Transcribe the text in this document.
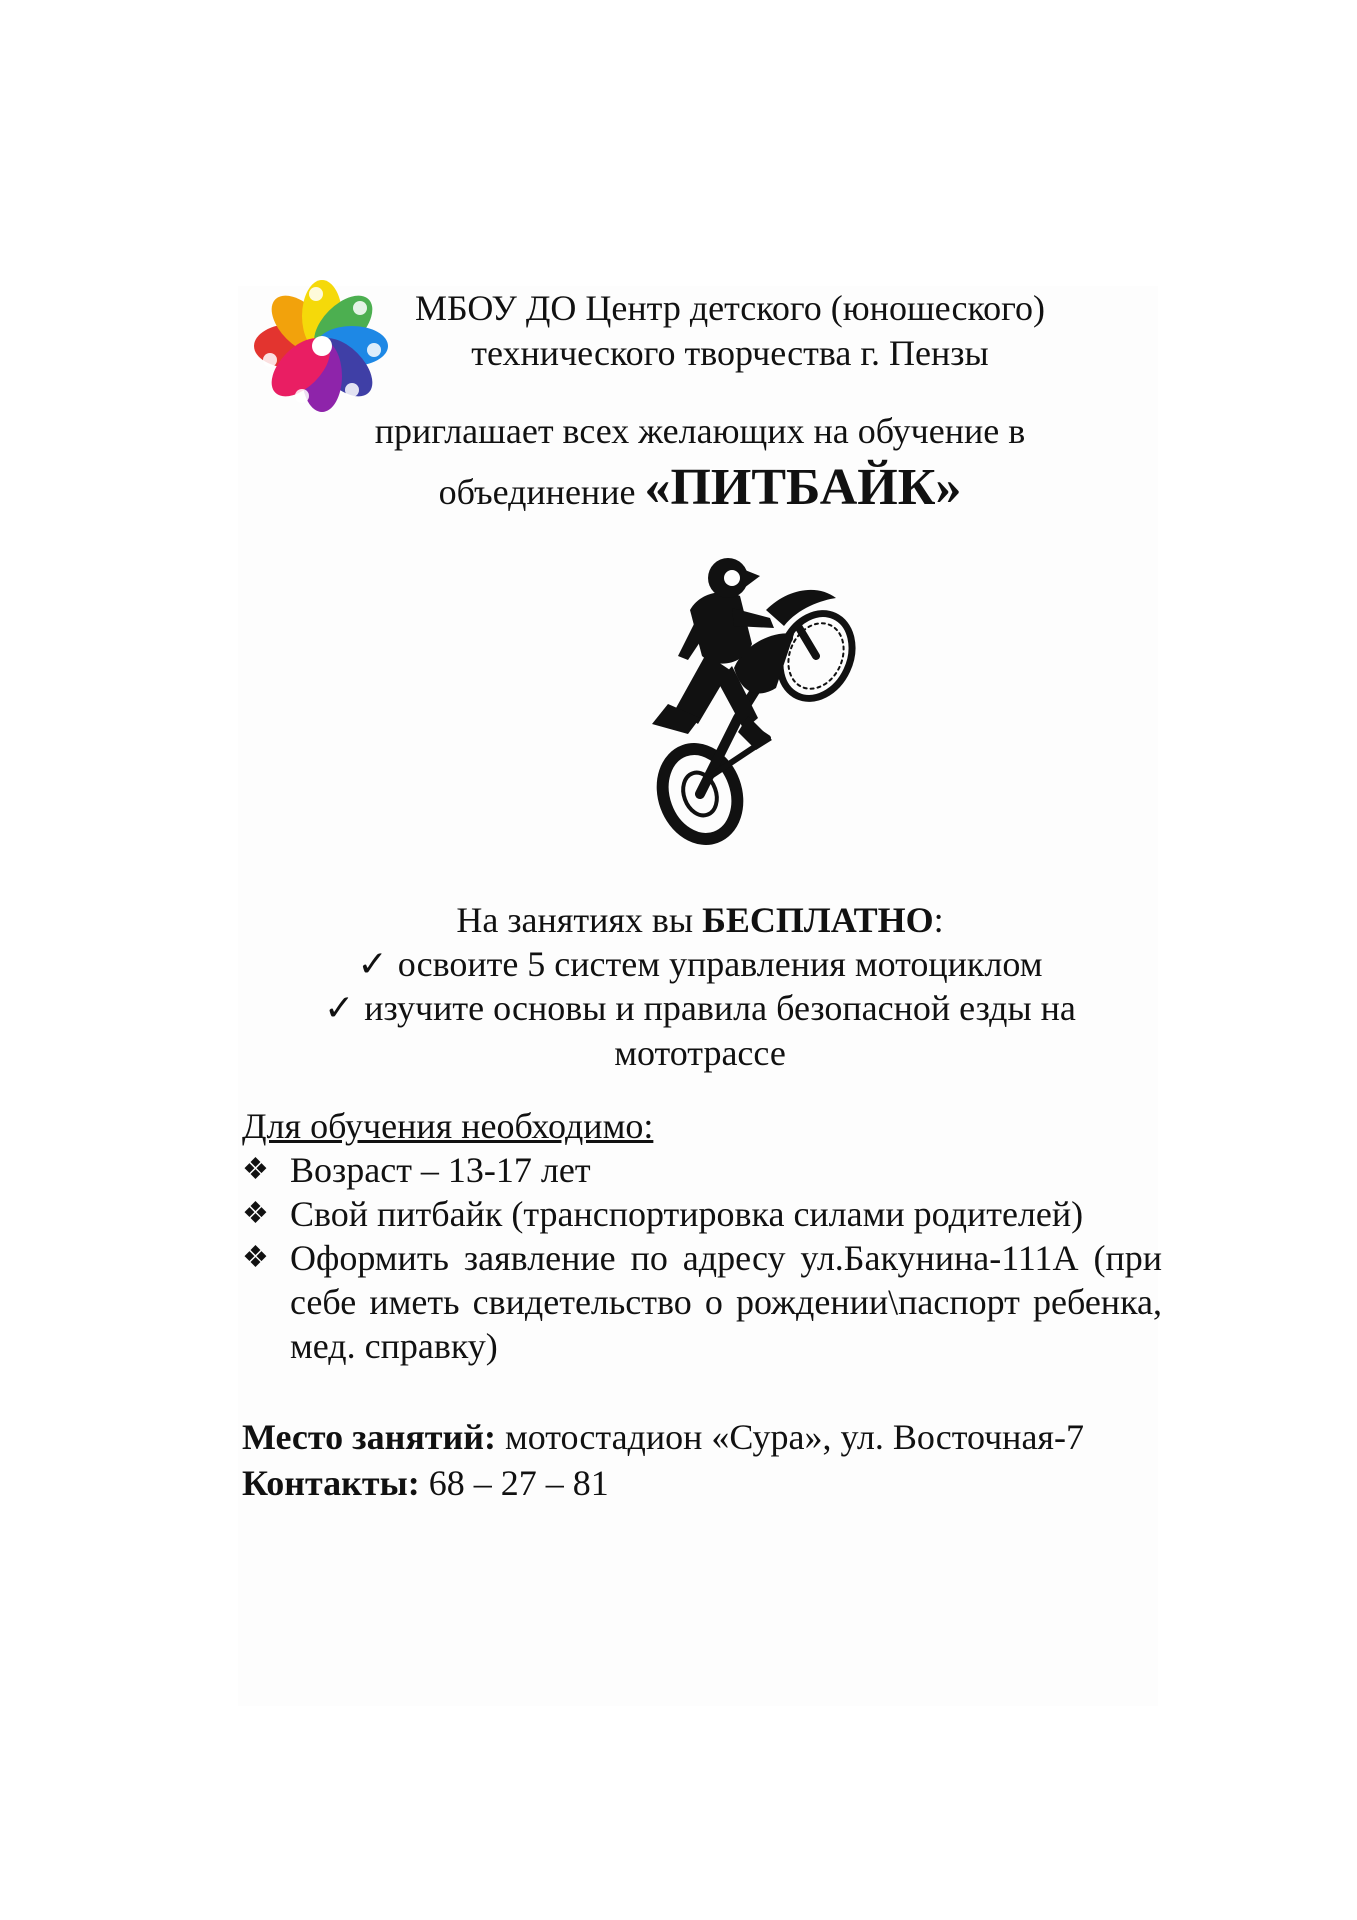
МБОУ ДО Центр детского (юношеского)
технического творчества г. Пензы
приглашает всех желающих на обучение в
объединение «ПИТБАЙК»
На занятиях вы БЕСПЛАТНО:
✓ освоите 5 систем управления мотоциклом
✓ изучите основы и правила безопасной езды на
мототрассе
Для обучения необходимо:
❖ Возраст – 13-17 лет
❖ Свой питбайк (транспортировка силами родителей)
❖ Оформить заявление по адресу ул.Бакунина-111А (при себе иметь свидетельство о рождении\паспорт ребенка, мед. справку)
Место занятий: мотостадион «Сура», ул. Восточная-7
Контакты: 68 – 27 – 81
